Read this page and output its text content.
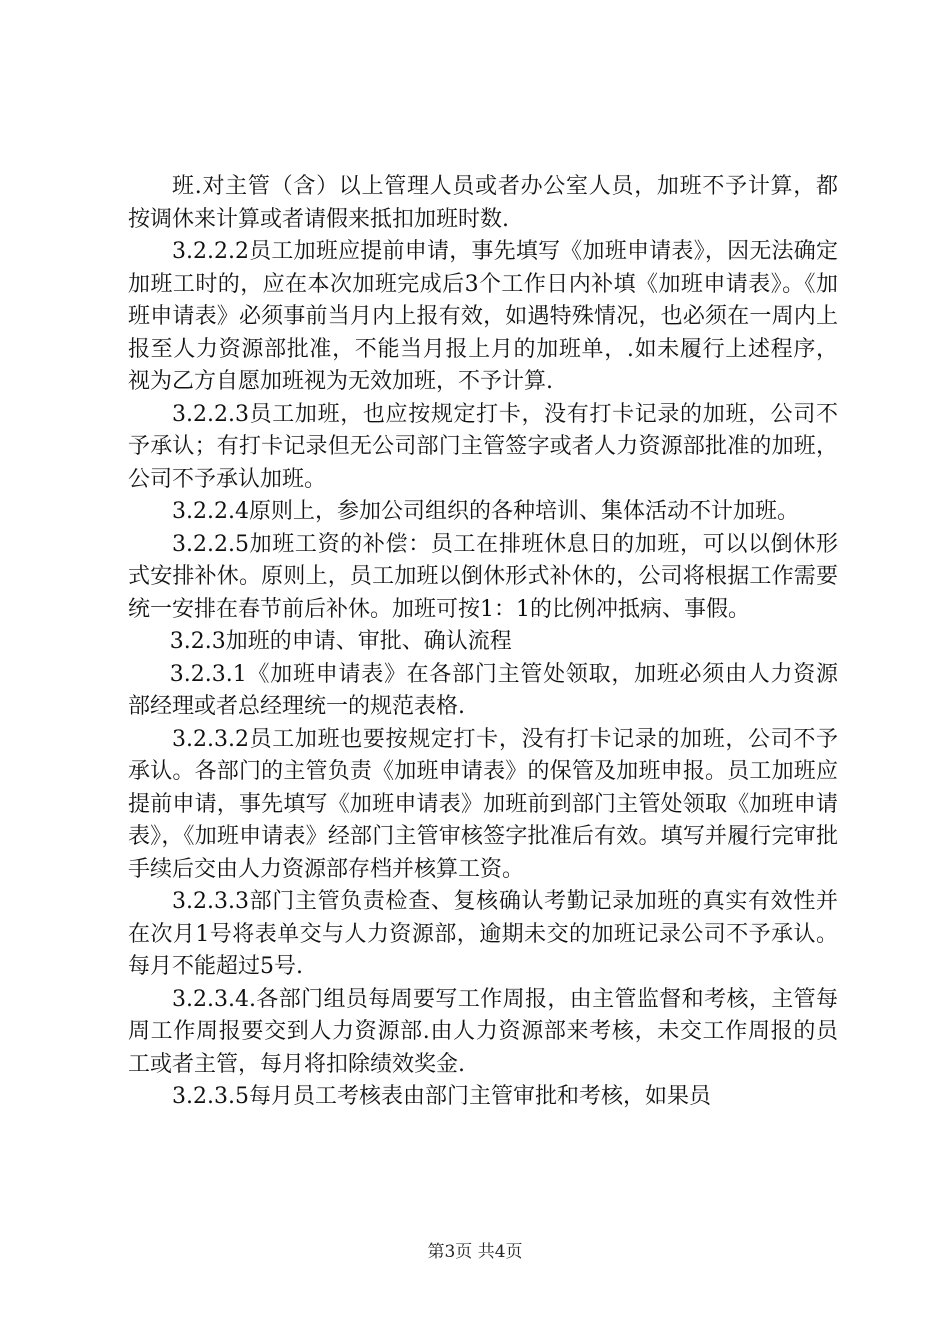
班.对主管（含）以上管理人员或者办公室人员，加班不予计算，都按调休来计算或者请假来抵扣加班时数.

3.2.2.2员工加班应提前申请，事先填写《加班申请表》，因无法确定加班工时的，应在本次加班完成后3个工作日内补填《加班申请表》。《加班申请表》必须事前当月内上报有效，如遇特殊情况，也必须在一周内上报至人力资源部批准，不能当月报上月的加班单，.如未履行上述程序，视为乙方自愿加班视为无效加班，不予计算.

3.2.2.3员工加班，也应按规定打卡，没有打卡记录的加班，公司不予承认；有打卡记录但无公司部门主管签字或者人力资源部批准的加班，公司不予承认加班。

3.2.2.4原则上，参加公司组织的各种培训、集体活动不计加班。

3.2.2.5加班工资的补偿：员工在排班休息日的加班，可以以倒休形式安排补休。原则上，员工加班以倒休形式补休的，公司将根据工作需要统一安排在春节前后补休。加班可按1：1的比例冲抵病、事假。

3.2.3加班的申请、审批、确认流程

3.2.3.1《加班申请表》在各部门主管处领取，加班必须由人力资源部经理或者总经理统一的规范表格.

3.2.3.2员工加班也要按规定打卡，没有打卡记录的加班，公司不予承认。各部门的主管负责《加班申请表》的保管及加班申报。员工加班应提前申请，事先填写《加班申请表》加班前到部门主管处领取《加班申请表》，《加班申请表》经部门主管审核签字批准后有效。填写并履行完审批手续后交由人力资源部存档并核算工资。

3.2.3.3部门主管负责检查、复核确认考勤记录加班的真实有效性并在次月1号将表单交与人力资源部，逾期未交的加班记录公司不予承认。每月不能超过5号.

3.2.3.4.各部门组员每周要写工作周报，由主管监督和考核，主管每周工作周报要交到人力资源部.由人力资源部来考核，未交工作周报的员工或者主管，每月将扣除绩效奖金.

3.2.3.5每月员工考核表由部门主管审批和考核，如果员

第3页 共4页
